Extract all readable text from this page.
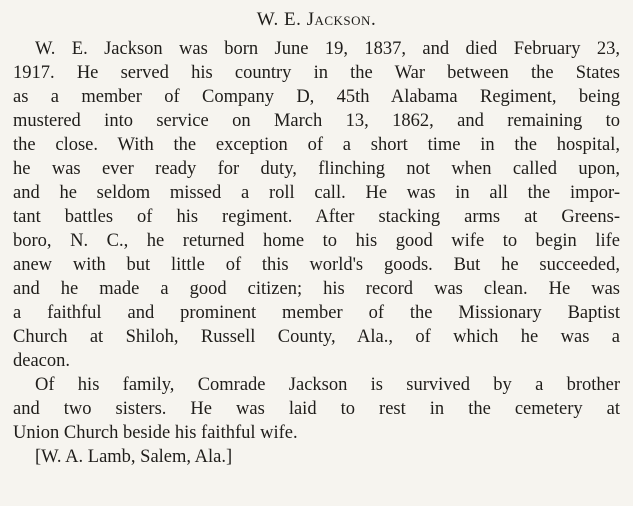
W. E. Jackson.
W. E. Jackson was born June 19, 1837, and died February 23,
1917. He served his country in the War between the States
as a member of Company D, 45th Alabama Regiment, being
mustered into service on March 13, 1862, and remaining to
the close. With the exception of a short time in the hospital,
he was ever ready for duty, flinching not when called upon,
and he seldom missed a roll call. He was in all the impor-
tant battles of his regiment. After stacking arms at Greens-
boro, N. C., he returned home to his good wife to begin life
anew with but little of this world's goods. But he succeeded,
and he made a good citizen; his record was clean. He was
a faithful and prominent member of the Missionary Baptist
Church at Shiloh, Russell County, Ala., of which he was a
deacon.
Of his family, Comrade Jackson is survived by a brother
and two sisters. He was laid to rest in the cemetery at
Union Church beside his faithful wife.
[W. A. Lamb, Salem, Ala.]
